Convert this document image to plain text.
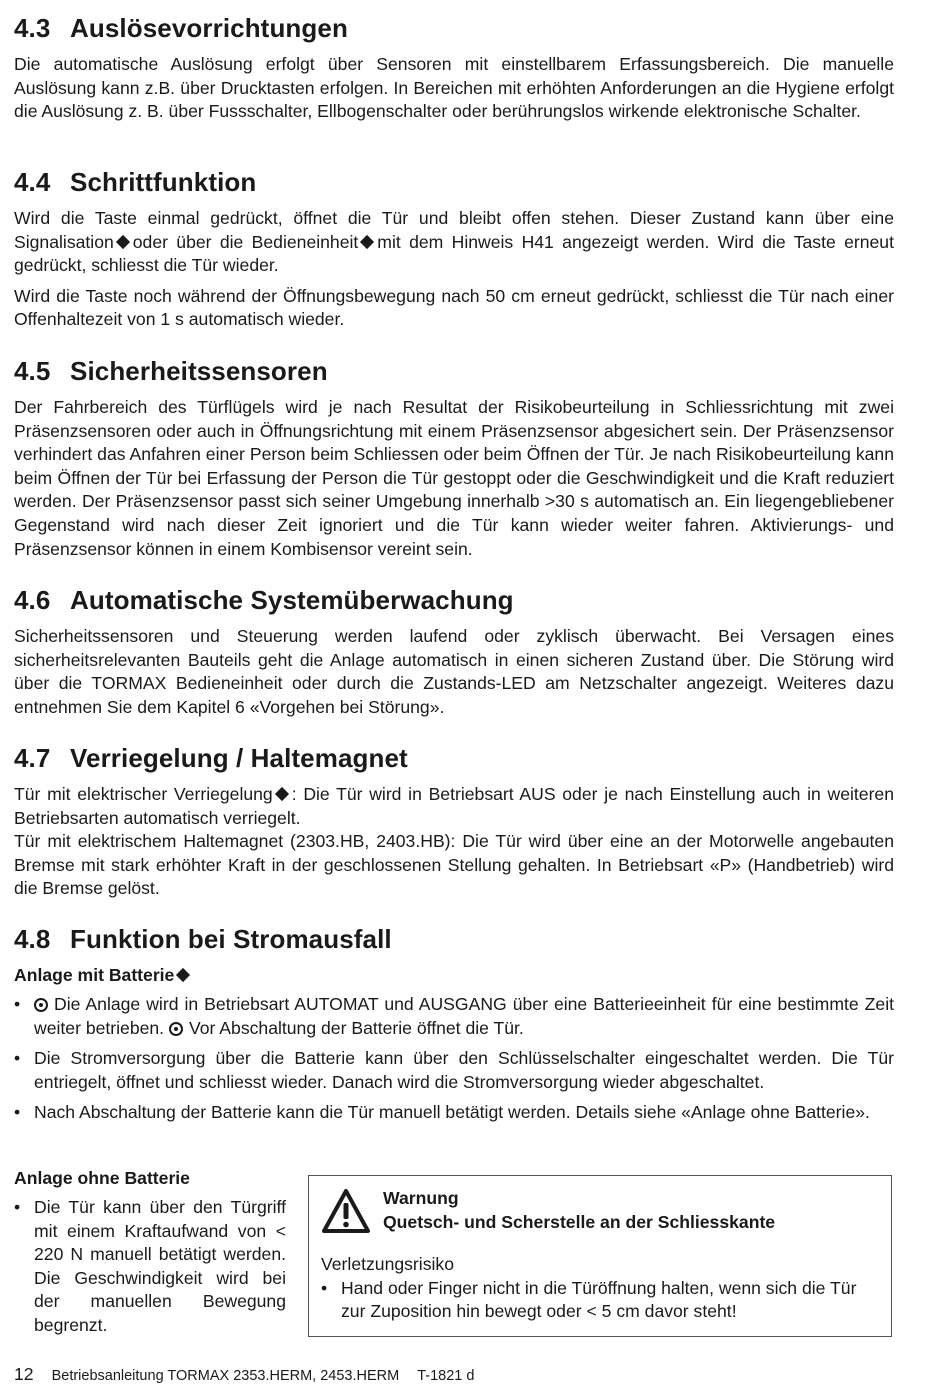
4.3 Auslösevorrichtungen

Die automatische Auslösung erfolgt über Sensoren mit einstellbarem Erfassungsbereich. Die manuelle Auslösung kann z.B. über Drucktasten erfolgen. In Bereichen mit erhöhten Anforderungen an die Hygiene erfolgt die Auslösung z. B. über Fussschalter, Ellbogenschalter oder berührungslos wirkende elektronische Schalter.

4.4 Schrittfunktion

Wird die Taste einmal gedrückt, öffnet die Tür und bleibt offen stehen. Dieser Zustand kann über eine Signalisation oder über die Bedieneinheit mit dem Hinweis H41 angezeigt werden. Wird die Taste erneut gedrückt, schliesst die Tür wieder.

Wird die Taste noch während der Öffnungsbewegung nach 50 cm erneut gedrückt, schliesst die Tür nach einer Offenhaltezeit von 1 s automatisch wieder.

4.5 Sicherheitssensoren

Der Fahrbereich des Türflügels wird je nach Resultat der Risikobeurteilung in Schliessrichtung mit zwei Präsenzsensoren oder auch in Öffnungsrichtung mit einem Präsenzsensor abgesichert sein. Der Präsenzsensor verhindert das Anfahren einer Person beim Schliessen oder beim Öffnen der Tür. Je nach Risikobeurteilung kann beim Öffnen der Tür bei Erfassung der Person die Tür gestoppt oder die Geschwindigkeit und die Kraft reduziert werden. Der Präsenzsensor passt sich seiner Umgebung innerhalb >30 s automatisch an. Ein liegengebliebener Gegenstand wird nach dieser Zeit ignoriert und die Tür kann wieder weiter fahren. Aktivierungs- und Präsenzsensor können in einem Kombisensor vereint sein.

4.6 Automatische Systemüberwachung

Sicherheitssensoren und Steuerung werden laufend oder zyklisch überwacht. Bei Versagen eines sicherheitsrelevanten Bauteils geht die Anlage automatisch in einen sicheren Zustand über. Die Störung wird über die TORMAX Bedieneinheit oder durch die Zustands-LED am Netzschalter angezeigt. Weiteres dazu entnehmen Sie dem Kapitel 6 «Vorgehen bei Störung».

4.7 Verriegelung / Haltemagnet

Tür mit elektrischer Verriegelung : Die Tür wird in Betriebsart AUS oder je nach Einstellung auch in weiteren Betriebsarten automatisch verriegelt.

Tür mit elektrischem Haltemagnet (2303.HB, 2403.HB): Die Tür wird über eine an der Motorwelle angebauten Bremse mit stark erhöhter Kraft in der geschlossenen Stellung gehalten. In Betriebsart «P» (Handbetrieb) wird die Bremse gelöst.

4.8 Funktion bei Stromausfall
Anlage mit Batterie
• Die Anlage wird in Betriebsart AUTOMAT und AUSGANG über eine Batterieeinheit für eine bestimmte Zeit weiter betrieben. Vor Abschaltung der Batterie öffnet die Tür.
• Die Stromversorgung über die Batterie kann über den Schlüsselschalter eingeschaltet werden. Die Tür entriegelt, öffnet und schliesst wieder. Danach wird die Stromversorgung wieder abgeschaltet.
• Nach Abschaltung der Batterie kann die Tür manuell betätigt werden. Details siehe «Anlage ohne Batterie».
Anlage ohne Batterie
• Die Tür kann über den Türgriff mit einem Kraftaufwand von < 220 N manuell betätigt werden. Die Geschwindigkeit wird bei der manuellen Bewegung begrenzt.
Warnung
Quetsch- und Scherstelle an der Schliesskante
Verletzungsrisiko
• Hand oder Finger nicht in die Türöffnung halten, wenn sich die Tür zur Zuposition hin bewegt oder < 5 cm davor steht!
12 Betriebsanleitung TORMAX 2353.HERM, 2453.HERM T-1821 d
